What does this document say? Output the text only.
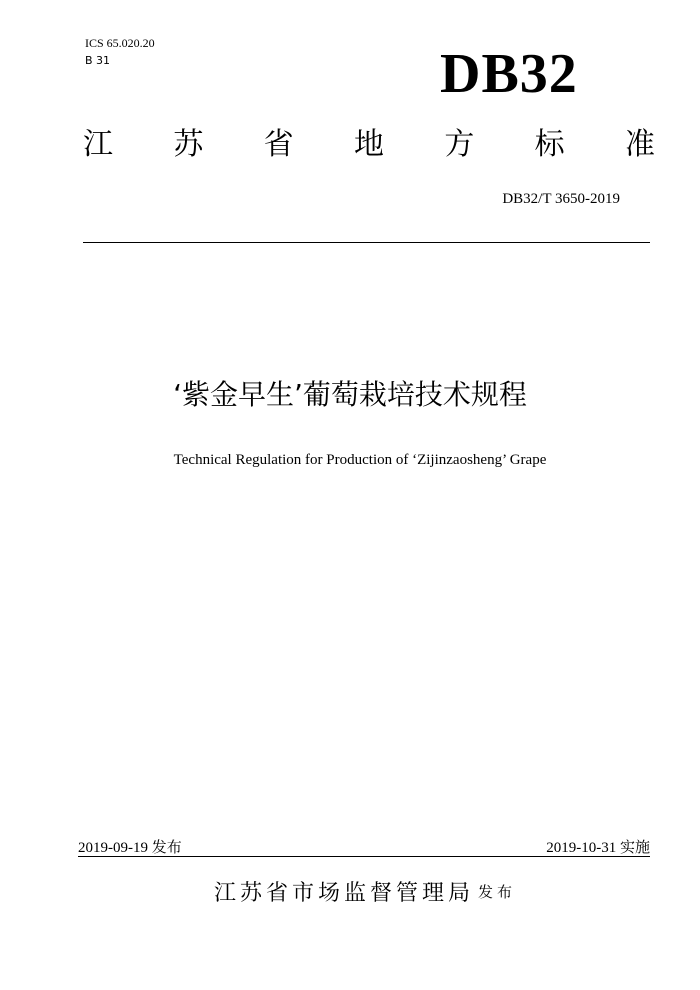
ICS 65.020.20
B 31	DB32
江 苏 省 地 方 标 准
DB32/T 3650-2019
‘紫金早生’葡萄栽培技术规程
Technical Regulation for Production of ‘Zijinzaosheng’ Grape
2019-09-19 发布	2019-10-31 实施
江苏省市场监督管理局 发布
